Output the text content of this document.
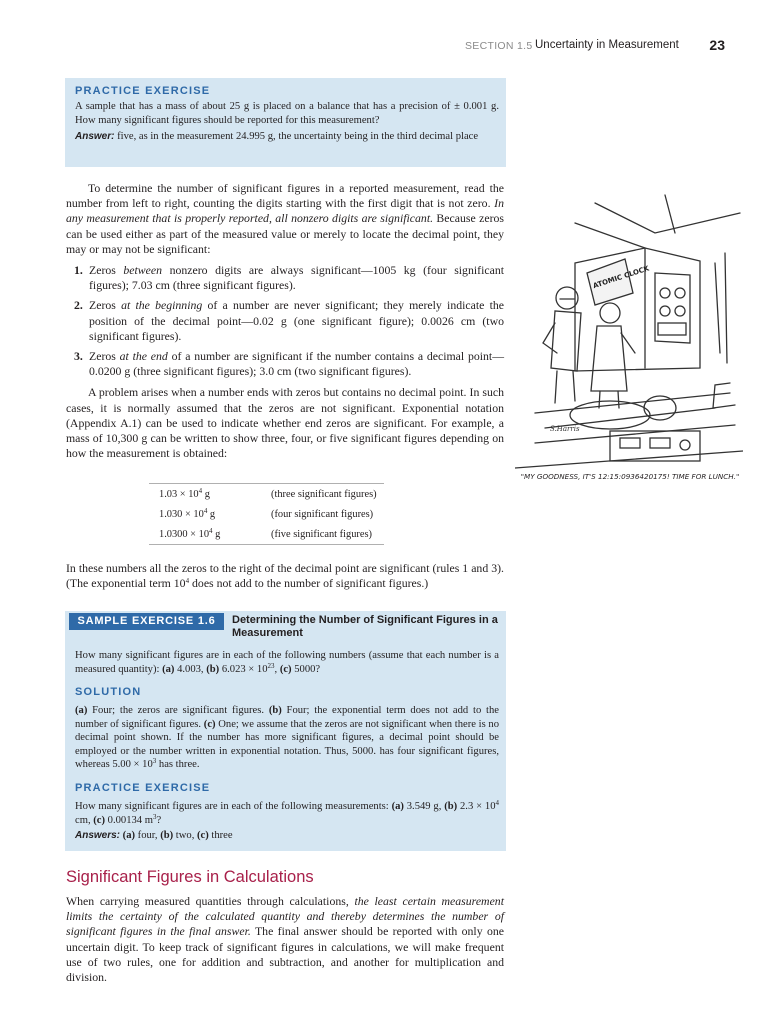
SECTION 1.5 Uncertainty in Measurement 23
PRACTICE EXERCISE
A sample that has a mass of about 25 g is placed on a balance that has a precision of ± 0.001 g. How many significant figures should be reported for this measurement?
Answer: five, as in the measurement 24.995 g, the uncertainty being in the third decimal place

To determine the number of significant figures in a reported measurement, read the number from left to right, counting the digits starting with the first digit that is not zero. In any measurement that is properly reported, all nonzero digits are significant. Because zeros can be used either as part of the measured value or merely to locate the decimal point, they may or may not be significant:

1. Zeros between nonzero digits are always significant—1005 kg (four significant figures); 7.03 cm (three significant figures).
2. Zeros at the beginning of a number are never significant; they merely indicate the position of the decimal point—0.02 g (one significant figure); 0.0026 cm (two significant figures).
3. Zeros at the end of a number are significant if the number contains a decimal point—0.0200 g (three significant figures); 3.0 cm (two significant figures).

A problem arises when a number ends with zeros but contains no decimal point. In such cases, it is normally assumed that the zeros are not significant. Exponential notation (Appendix A.1) can be used to indicate whether end zeros are significant. For example, a mass of 10,300 g can be written to show three, four, or five significant figures depending on how the measurement is obtained:

$1.03 \times 10^4$ g	(three significant figures)
$1.030 \times 10^4$ g	(four significant figures)
$1.0300 \times 10^4$ g	(five significant figures)
In these numbers all the zeros to the right of the decimal point are significant (rules 1 and 3). (The exponential term $10^4$ does not add to the number of significant figures.)
How many significant figures are in each of the following numbers (assume that each number is a measured quantity): (a) 4.003, (b) $6.023 \times 10^{23}$, (c) 5000?
SOLUTION
(a) Four; the zeros are significant figures. (b) Four; the exponential term does not add to the number of significant figures. (c) One; we assume that the zeros are not significant when there is no decimal point shown. If the number has more significant figures, a decimal point should be employed or the number written in exponential notation. Thus, 5000. has four significant figures, whereas $5.00 \times 10^3$ has three.
PRACTICE EXERCISE
How many significant figures are in each of the following measurements: (a) 3.549 g, (b) $2.3 \times 10^4$ cm, (c) 0.00134 $m^3$?
Answers: (a) four, (b) two, (c) three
SAMPLE EXERCISE 1.6	Determining the Number of Significant Figures in a Measurement
Significant Figures in Calculations
When carrying measured quantities through calculations, the least certain measurement limits the certainty of the calculated quantity and thereby determines the number of significant figures in the final answer. The final answer should be reported with only one uncertain digit. To keep track of significant figures in calculations, we will make frequent use of two rules, one for addition and subtraction, and another for multiplication and division.
ATOMIC CLOCK
S.Harris
"MY GOODNESS, IT'S 12:15:0936420175! TIME FOR LUNCH."
